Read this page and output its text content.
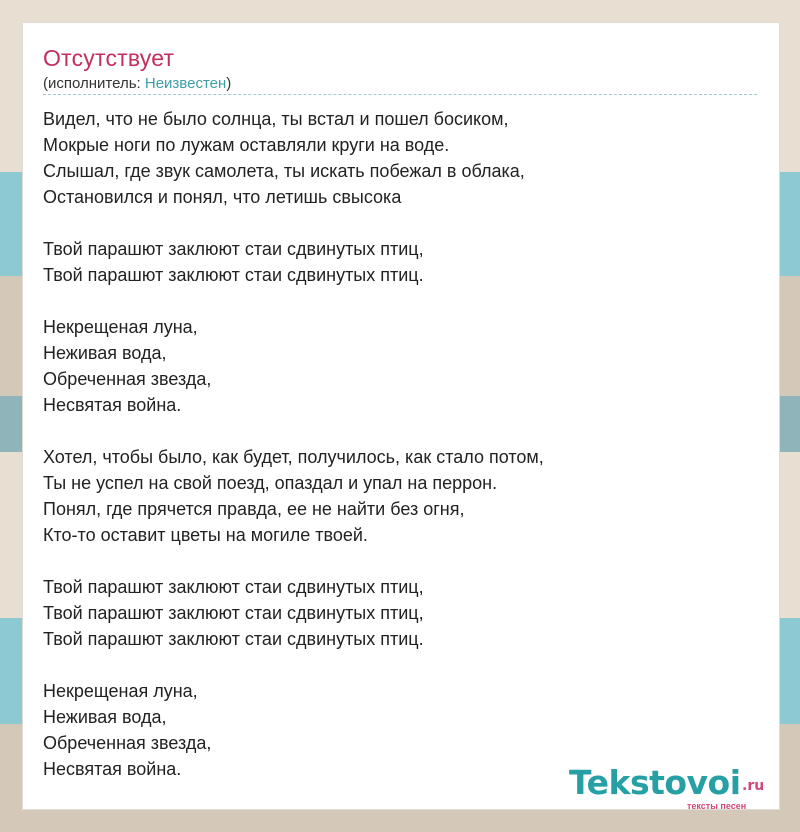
Отсутствует
(исполнитель: Неизвестен)
Видел, что не было солнца, ты встал и пошел босиком,
Мокрые ноги по лужам оставляли круги на воде.
Слышал, где звук самолета, ты искать побежал в облака,
Остановился и понял, что летишь свысока
Твой парашют заклюют стаи сдвинутых птиц,
Твой парашют заклюют стаи сдвинутых птиц.
Некрещеная луна,
Неживая вода,
Обреченная звезда,
Несвятая война.
Хотел, чтобы было, как будет, получилось, как стало потом,
Ты не успел на свой поезд, опаздал и упал на перрон.
Понял, где прячется правда, ее не найти без огня,
Кто-то оставит цветы на могиле твоей.
Твой парашют заклюют стаи сдвинутых птиц,
Твой парашют заклюют стаи сдвинутых птиц,
Твой парашют заклюют стаи сдвинутых птиц.
Некрещеная луна,
Неживая вода,
Обреченная звезда,
Несвятая война.	Tekstovoi .ru
тексты песен
